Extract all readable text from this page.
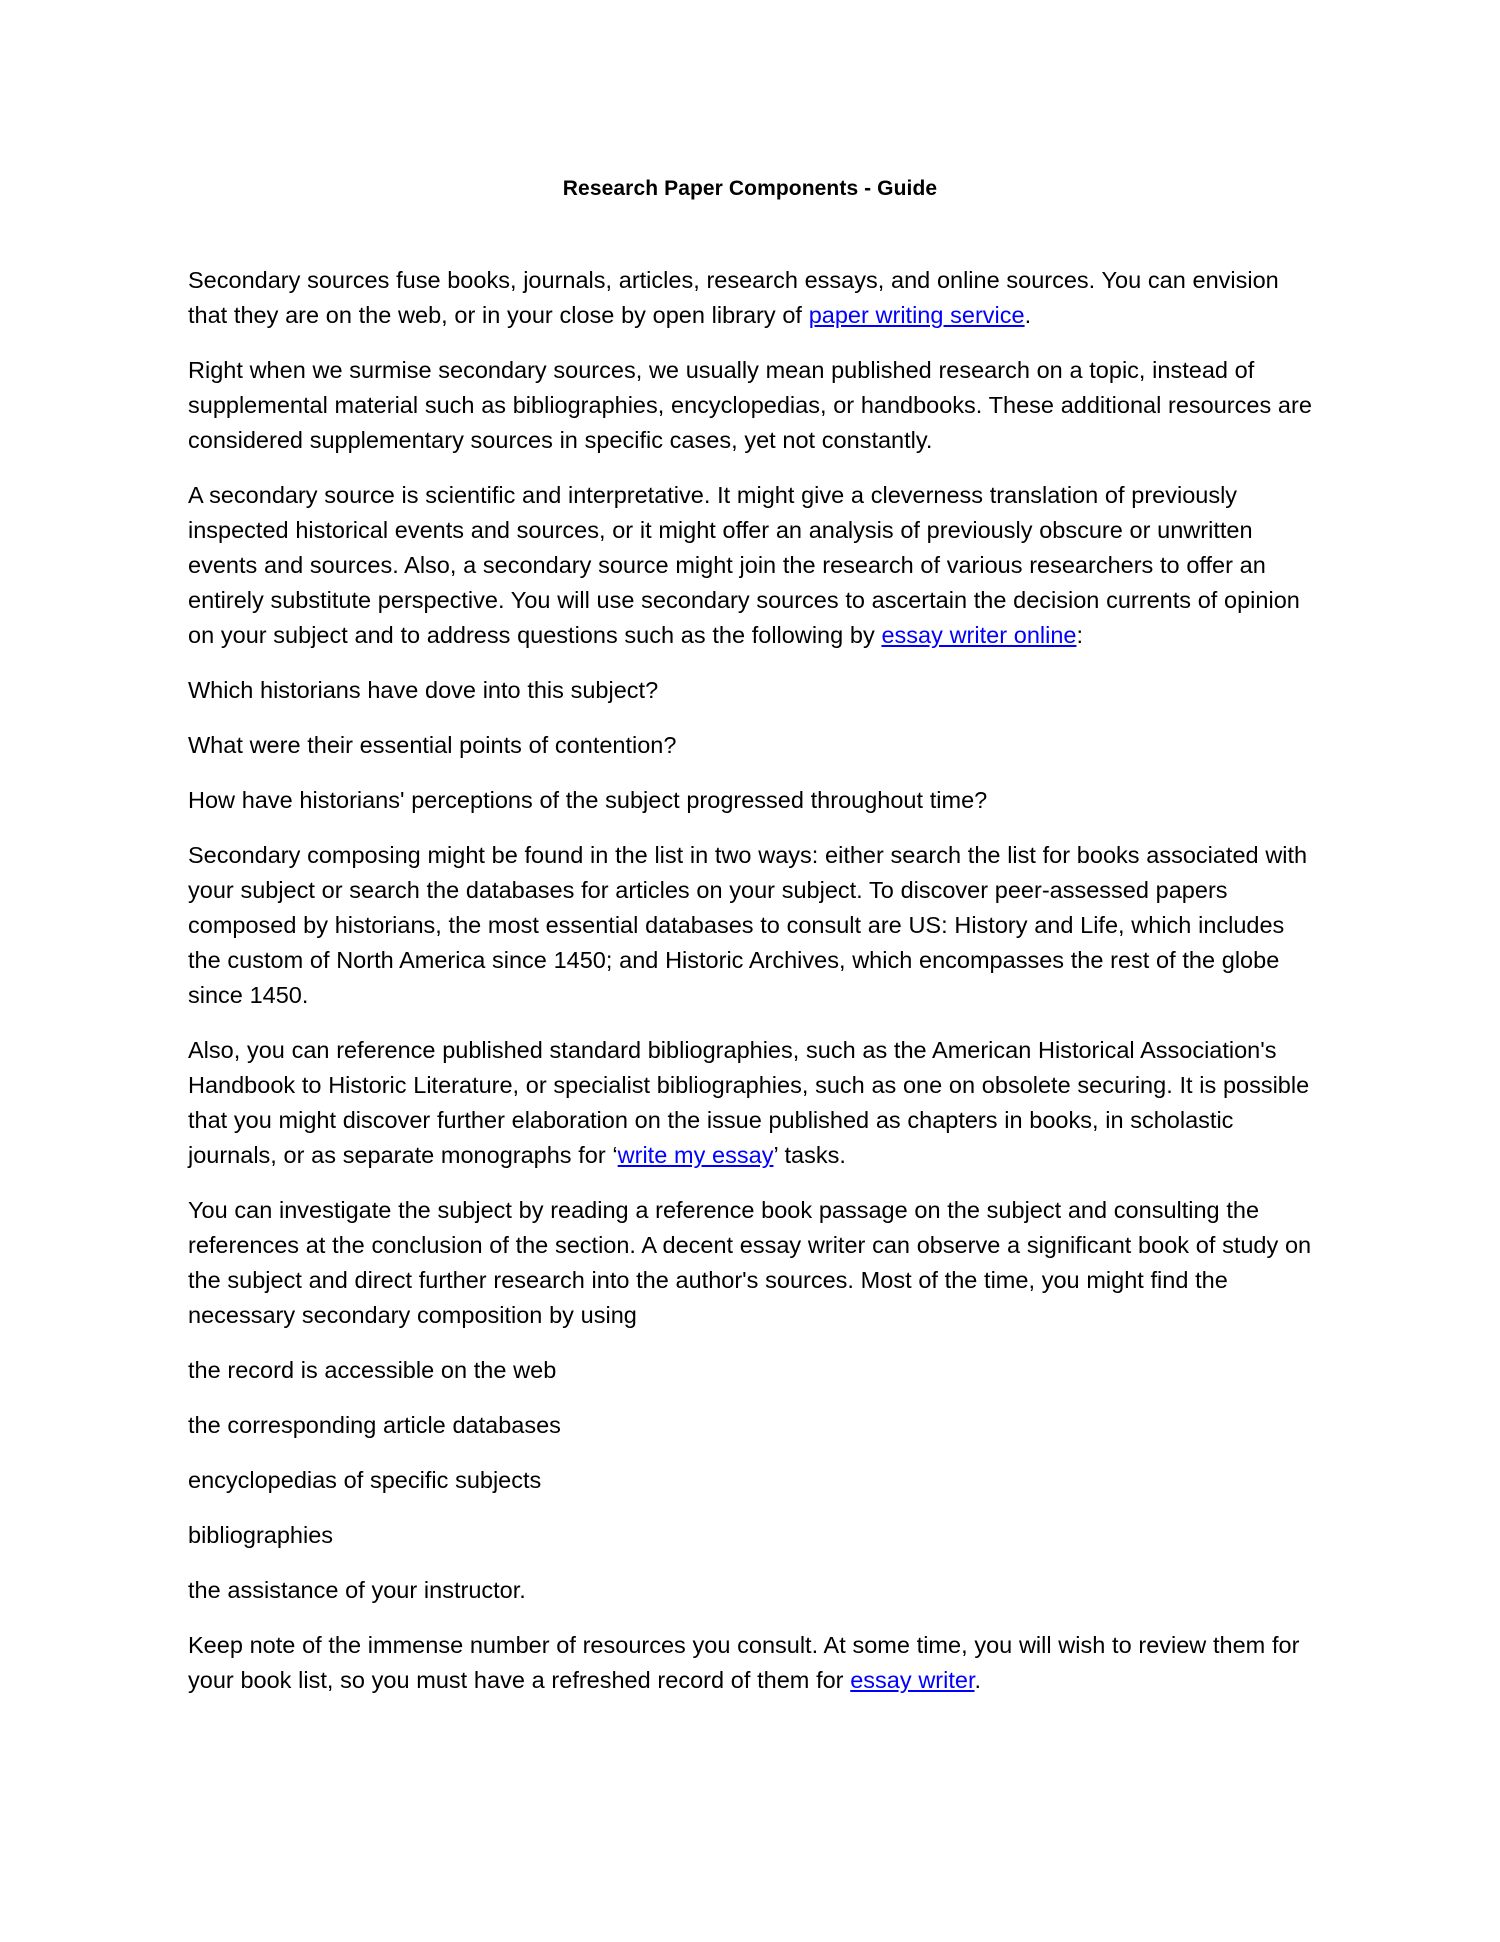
Research Paper Components - Guide

Secondary sources fuse books, journals, articles, research essays, and online sources. You can envision that they are on the web, or in your close by open library of paper writing service.

Right when we surmise secondary sources, we usually mean published research on a topic, instead of supplemental material such as bibliographies, encyclopedias, or handbooks. These additional resources are considered supplementary sources in specific cases, yet not constantly.

A secondary source is scientific and interpretative. It might give a cleverness translation of previously inspected historical events and sources, or it might offer an analysis of previously obscure or unwritten events and sources. Also, a secondary source might join the research of various researchers to offer an entirely substitute perspective. You will use secondary sources to ascertain the decision currents of opinion on your subject and to address questions such as the following by essay writer online:

Which historians have dove into this subject?

What were their essential points of contention?

How have historians' perceptions of the subject progressed throughout time?

Secondary composing might be found in the list in two ways: either search the list for books associated with your subject or search the databases for articles on your subject. To discover peer-assessed papers composed by historians, the most essential databases to consult are US: History and Life, which includes the custom of North America since 1450; and Historic Archives, which encompasses the rest of the globe since 1450.

Also, you can reference published standard bibliographies, such as the American Historical Association's Handbook to Historic Literature, or specialist bibliographies, such as one on obsolete securing. It is possible that you might discover further elaboration on the issue published as chapters in books, in scholastic journals, or as separate monographs for ‘write my essay’ tasks.

You can investigate the subject by reading a reference book passage on the subject and consulting the references at the conclusion of the section. A decent essay writer can observe a significant book of study on the subject and direct further research into the author's sources. Most of the time, you might find the necessary secondary composition by using

the record is accessible on the web

the corresponding article databases

encyclopedias of specific subjects

bibliographies

the assistance of your instructor.

Keep note of the immense number of resources you consult. At some time, you will wish to review them for your book list, so you must have a refreshed record of them for essay writer.
